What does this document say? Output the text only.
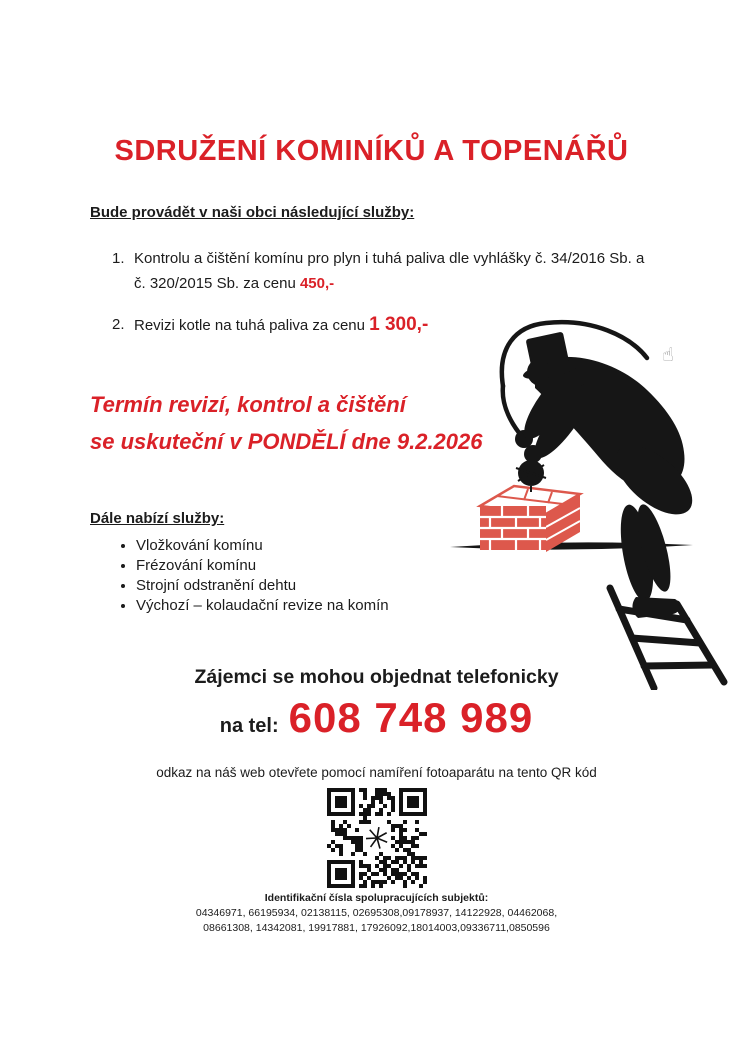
SDRUŽENÍ KOMINÍKŮ A TOPENÁŘŮ
Bude provádět v naši obci následující služby:
1. Kontrolu a čištění komínu pro plyn i tuhá paliva dle vyhlášky č. 34/2016 Sb. a č. 320/2015 Sb. za cenu 450,-
2. Revizi kotle na tuhá paliva za cenu 1 300,-
Termín revizí, kontrol a čištění
se uskuteční v PONDĚLÍ dne 9.2.2026
Dále nabízí služby:
• Vložkování komínu
• Frézování komínu
• Strojní odstranění dehtu
• Výchozí – kolaudační revize na komín
☝
Zájemci se mohou objednat telefonicky
na tel: 608 748 989
odkaz na náš web otevřete pomocí namíření fotoaparátu na tento QR kód
Identifikační čísla spolupracujících subjektů:
04346971, 66195934, 02138115, 02695308,09178937, 14122928, 04462068,
08661308, 14342081, 19917881, 17926092,18014003,09336711,0850596
